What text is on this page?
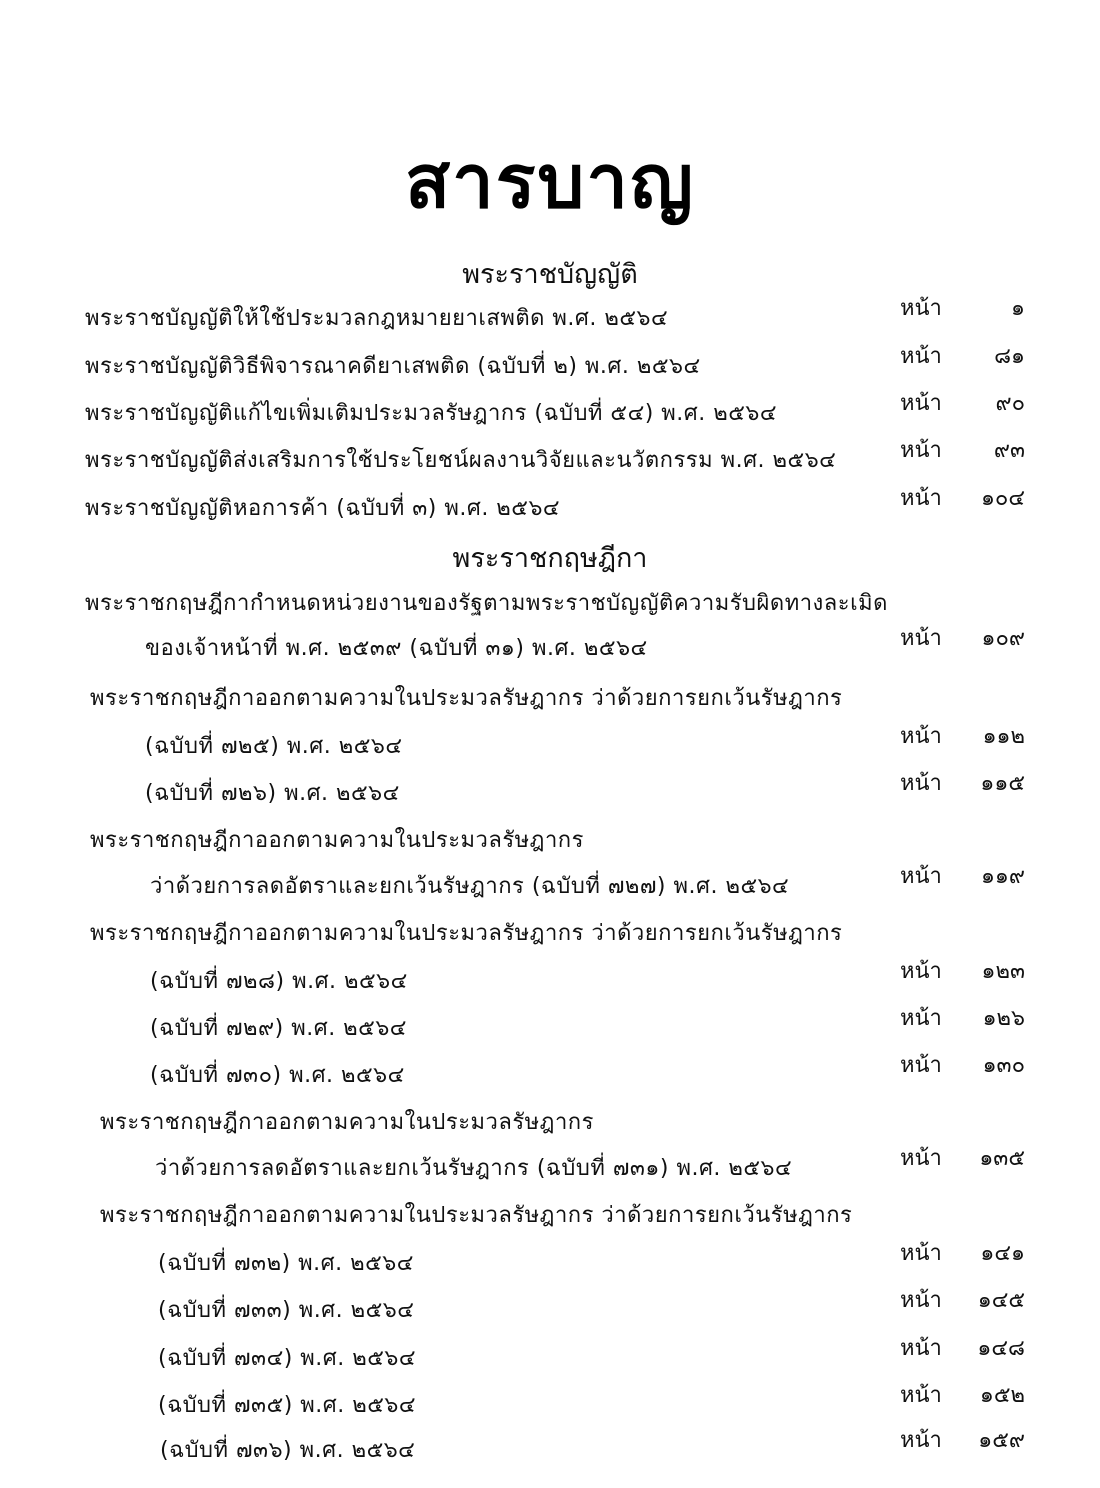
สารบาญ
พระราชบัญญัติ
พระราชกฤษฎีกา
พระราชบัญญัติให้ใช้ประมวลกฎหมายยาเสพติด พ.ศ. ๒๕๖๔	หน้า	๑
พระราชบัญญัติวิธีพิจารณาคดียาเสพติด (ฉบับที่ ๒) พ.ศ. ๒๕๖๔	หน้า	๘๑
พระราชบัญญัติแก้ไขเพิ่มเติมประมวลรัษฎากร (ฉบับที่ ๕๔) พ.ศ. ๒๕๖๔	หน้า	๙๐
พระราชบัญญัติส่งเสริมการใช้ประโยชน์ผลงานวิจัยและนวัตกรรม พ.ศ. ๒๕๖๔	หน้า	๙๓
พระราชบัญญัติหอการค้า (ฉบับที่ ๓) พ.ศ. ๒๕๖๔	หน้า	๑๐๔
พระราชกฤษฎีกากำหนดหน่วยงานของรัฐตามพระราชบัญญัติความรับผิดทางละเมิด
ของเจ้าหน้าที่ พ.ศ. ๒๕๓๙ (ฉบับที่ ๓๑) พ.ศ. ๒๕๖๔	หน้า	๑๐๙
พระราชกฤษฎีกาออกตามความในประมวลรัษฎากร ว่าด้วยการยกเว้นรัษฎากร
(ฉบับที่ ๗๒๕) พ.ศ. ๒๕๖๔	หน้า	๑๑๒
(ฉบับที่ ๗๒๖) พ.ศ. ๒๕๖๔	หน้า	๑๑๕
พระราชกฤษฎีกาออกตามความในประมวลรัษฎากร
ว่าด้วยการลดอัตราและยกเว้นรัษฎากร (ฉบับที่ ๗๒๗) พ.ศ. ๒๕๖๔	หน้า	๑๑๙
พระราชกฤษฎีกาออกตามความในประมวลรัษฎากร ว่าด้วยการยกเว้นรัษฎากร
(ฉบับที่ ๗๒๘) พ.ศ. ๒๕๖๔	หน้า	๑๒๓
(ฉบับที่ ๗๒๙) พ.ศ. ๒๕๖๔	หน้า	๑๒๖
(ฉบับที่ ๗๓๐) พ.ศ. ๒๕๖๔	หน้า	๑๓๐
พระราชกฤษฎีกาออกตามความในประมวลรัษฎากร
ว่าด้วยการลดอัตราและยกเว้นรัษฎากร (ฉบับที่ ๗๓๑) พ.ศ. ๒๕๖๔	หน้า	๑๓๕
พระราชกฤษฎีกาออกตามความในประมวลรัษฎากร ว่าด้วยการยกเว้นรัษฎากร
(ฉบับที่ ๗๓๒) พ.ศ. ๒๕๖๔	หน้า	๑๔๑
(ฉบับที่ ๗๓๓) พ.ศ. ๒๕๖๔	หน้า	๑๔๕
(ฉบับที่ ๗๓๔) พ.ศ. ๒๕๖๔	หน้า	๑๔๘
(ฉบับที่ ๗๓๕) พ.ศ. ๒๕๖๔	หน้า	๑๕๒
(ฉบับที่ ๗๓๖) พ.ศ. ๒๕๖๔	หน้า	๑๕๙
